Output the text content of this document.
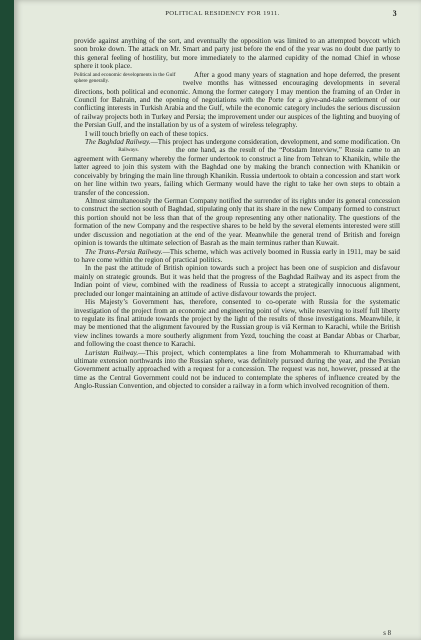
POLITICAL RESIDENCY FOR 1911.	3

provide against anything of the sort, and eventually the opposition was limited to an attempted boycott which soon broke down. The attack on Mr. Smart and party just before the end of the year was no doubt due partly to this general feeling of hostility, but more immediately to the alarmed cupidity of the nomad Chief in whose sphere it took place.

Political and economic developments in the Gulf sphere generally.
After a good many years of stagnation and hope deferred, the present twelve months has witnessed encouraging developments in several directions, both political and economic. Among the former category I may mention the framing of an Order in Council for Bahrain, and the opening of negotiations with the Porte for a give-and-take settlement of our conflicting interests in Turkish Arabia and the Gulf, while the economic category includes the serious discussion of railway projects both in Turkey and Persia; the improvement under our auspices of the lighting and buoying of the Persian Gulf, and the installation by us of a system of wireless telegraphy.

I will touch briefly on each of these topics.

The Baghdad Railway.—This project has undergone consideration, development, and some modification.
Railways.
On the one hand, as the result of the “Potsdam Interview,” Russia came to an agreement with Germany whereby the former undertook to construct a line from Tehran to Khanikin, while the latter agreed to join this system with the Baghdad one by making the branch connection with Khanikin or conceivably by bringing the main line through Khanikin. Russia undertook to obtain a concession and start work on her line within two years, failing which Germany would have the right to take her own steps to obtain a transfer of the concession.

Almost simultaneously the German Company notified the surrender of its rights under its general concession to construct the section south of Baghdad, stipulating only that its share in the new Company formed to construct this portion should not be less than that of the group representing any other nationality. The questions of the formation of the new Company and the respective shares to be held by the several elements interested were still under discussion and negotiation at the end of the year. Meanwhile the general trend of British and foreign opinion is towards the ultimate selection of Basrah as the main terminus rather than Kuwait.

The Trans-Persia Railway.—This scheme, which was actively boomed in Russia early in 1911, may be said to have come within the region of practical politics.

In the past the attitude of British opinion towards such a project has been one of suspicion and disfavour mainly on strategic grounds. But it was held that the progress of the Baghdad Railway and its aspect from the Indian point of view, combined with the readiness of Russia to accept a strategically innocuous alignment, precluded our longer maintaining an attitude of active disfavour towards the project.

His Majesty’s Government has, therefore, consented to co-operate with Russia for the systematic investigation of the project from an economic and engineering point of view, while reserving to itself full liberty to regulate its final attitude towards the project by the light of the results of those investigations. Meanwhile, it may be mentioned that the alignment favoured by the Russian group is viâ Kerman to Karachi, while the British view inclines towards a more southerly alignment from Yezd, touching the coast at Bandar Abbas or Charbar, and following the coast thence to Karachi.

Luristan Railway.—This project, which contemplates a line from Mohammerah to Khurramabad with ultimate extension northwards into the Russian sphere, was definitely pursued during the year, and the Persian Government actually approached with a request for a concession. The request was not, however, pressed at the time as the Central Government could not be induced to contemplate the spheres of influence created by the Anglo-Russian Convention, and objected to consider a railway in a form which involved recognition of them.

s 8
